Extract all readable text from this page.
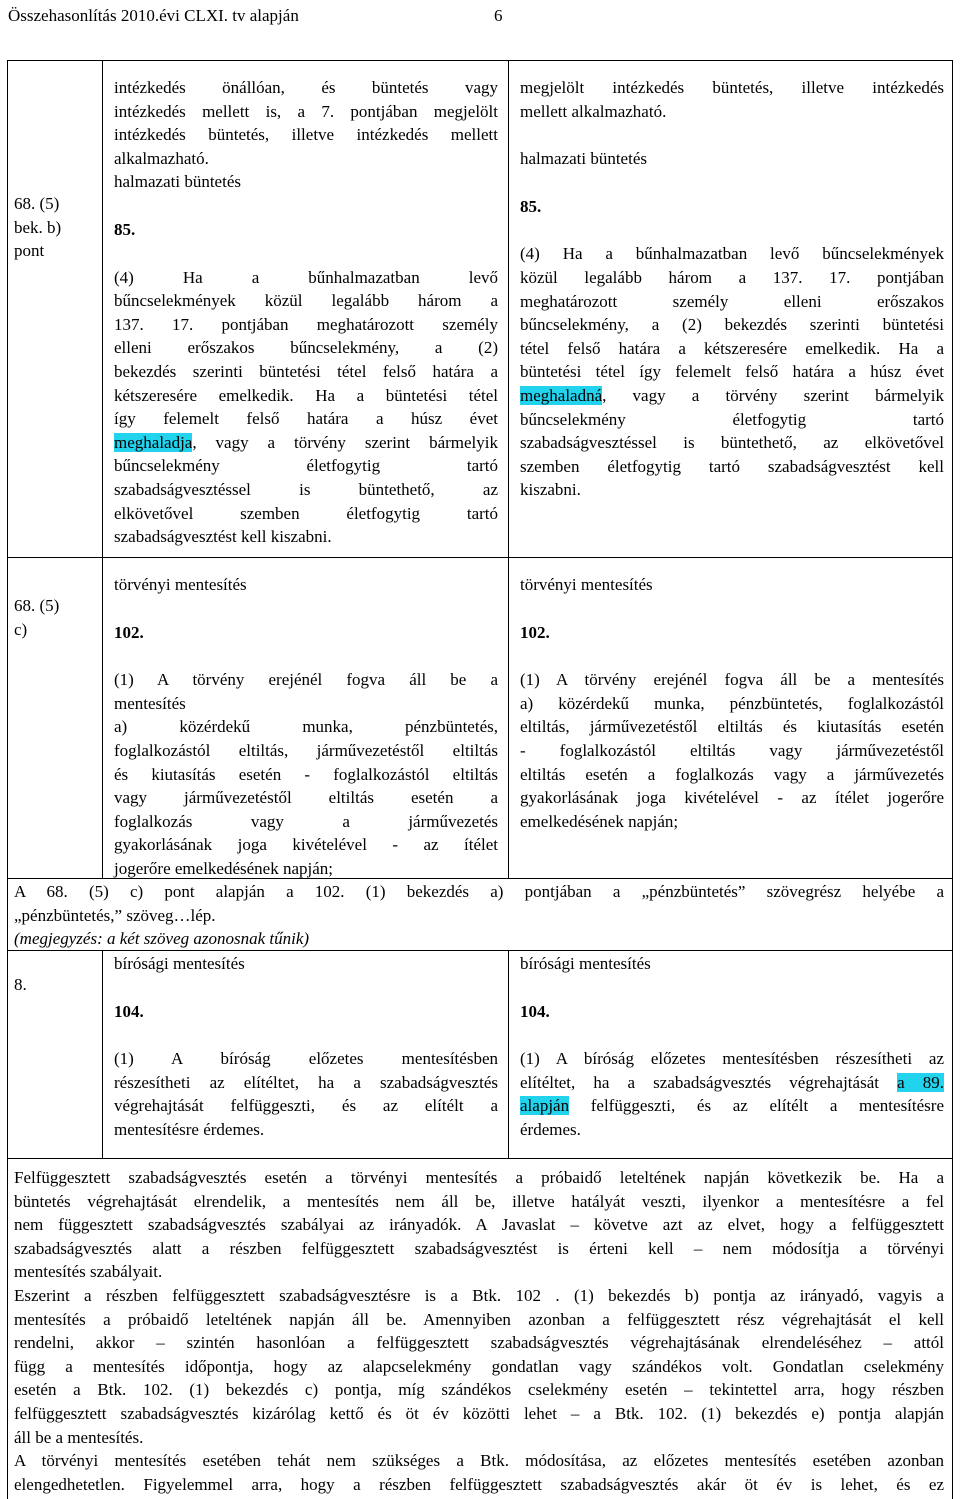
Összehasonlítás 2010.évi CLXI. tv alapján	6

68. (5)

bek. b)

pont

intézkedés önállóan, és büntetés vagy

intézkedés mellett is, a 7. pontjában megjelölt

intézkedés büntetés, illetve intézkedés mellett

alkalmazható.

halmazati büntetés

85.

(4) Ha a bűnhalmazatban levő

bűncselekmények közül legalább három a

137. 17. pontjában meghatározott személy

elleni erőszakos bűncselekmény, a (2)

bekezdés szerinti büntetési tétel felső határa a

kétszeresére emelkedik. Ha a büntetési tétel

így felemelt felső határa a húsz évet

meghaladja, vagy a törvény szerint bármelyik

bűncselekmény életfogytig tartó

szabadságvesztéssel is büntethető, az

elkövetővel szemben életfogytig tartó

szabadságvesztést kell kiszabni.

megjelölt intézkedés büntetés, illetve intézkedés

mellett alkalmazható.

halmazati büntetés

85.

(4) Ha a bűnhalmazatban levő bűncselekmények

közül legalább három a 137. 17. pontjában

meghatározott személy elleni erőszakos

bűncselekmény, a (2) bekezdés szerinti büntetési

tétel felső határa a kétszeresére emelkedik. Ha a

büntetési tétel így felemelt felső határa a húsz évet

meghaladná, vagy a törvény szerint bármelyik

bűncselekmény életfogytig tartó

szabadságvesztéssel is büntethető, az elkövetővel

szemben életfogytig tartó szabadságvesztést kell

kiszabni.

68. (5)

c)

törvényi mentesítés

102.

(1) A törvény erejénél fogva áll be a

mentesítés

a) közérdekű munka, pénzbüntetés,

foglalkozástól eltiltás, járművezetéstől eltiltás

és kiutasítás esetén - foglalkozástól eltiltás

vagy járművezetéstől eltiltás esetén a

foglalkozás vagy a járművezetés

gyakorlásának joga kivételével - az ítélet

jogerőre emelkedésének napján;

törvényi mentesítés

102.

(1) A törvény erejénél fogva áll be a mentesítés

a) közérdekű munka, pénzbüntetés, foglalkozástól

eltiltás, járművezetéstől eltiltás és kiutasítás esetén

- foglalkozástól eltiltás vagy járművezetéstől

eltiltás esetén a foglalkozás vagy a járművezetés

gyakorlásának joga kivételével - az ítélet jogerőre

emelkedésének napján;

A 68. (5) c) pont alapján a 102. (1) bekezdés a) pontjában a „pénzbüntetés” szövegrész helyébe a

„pénzbüntetés,” szöveg…lép.

(megjegyzés: a két szöveg azonosnak tűnik)

8.

bírósági mentesítés

104.

(1) A bíróság előzetes mentesítésben

részesítheti az elítéltet, ha a szabadságvesztés

végrehajtását felfüggeszti, és az elítélt a

mentesítésre érdemes.

bírósági mentesítés

104.

(1) A bíróság előzetes mentesítésben részesítheti az

elítéltet, ha a szabadságvesztés végrehajtását a 89.

alapján felfüggeszti, és az elítélt a mentesítésre

érdemes.

Felfüggesztett szabadságvesztés esetén a törvényi mentesítés a próbaidő leteltének napján következik be. Ha a

büntetés végrehajtását elrendelik, a mentesítés nem áll be, illetve hatályát veszti, ilyenkor a mentesítésre a fel

nem függesztett szabadságvesztés szabályai az irányadók. A Javaslat – követve azt az elvet, hogy a felfüggesztett

szabadságvesztés alatt a részben felfüggesztett szabadságvesztést is érteni kell – nem módosítja a törvényi

mentesítés szabályait.

Eszerint a részben felfüggesztett szabadságvesztésre is a Btk. 102 . (1) bekezdés b) pontja az irányadó, vagyis a

mentesítés a próbaidő leteltének napján áll be. Amennyiben azonban a felfüggesztett rész végrehajtását el kell

rendelni, akkor – szintén hasonlóan a felfüggesztett szabadságvesztés végrehajtásának elrendeléséhez – attól

függ a mentesítés időpontja, hogy az alapcselekmény gondatlan vagy szándékos volt. Gondatlan cselekmény

esetén a Btk. 102. (1) bekezdés c) pontja, míg szándékos cselekmény esetén – tekintettel arra, hogy részben

felfüggesztett szabadságvesztés kizárólag kettő és öt év közötti lehet – a Btk. 102. (1) bekezdés e) pontja alapján

áll be a mentesítés.

A törvényi mentesítés esetében tehát nem szükséges a Btk. módosítása, az előzetes mentesítés esetében azonban

elengedhetetlen. Figyelemmel arra, hogy a részben felfüggesztett szabadságvesztés akár öt év is lehet, és ez
